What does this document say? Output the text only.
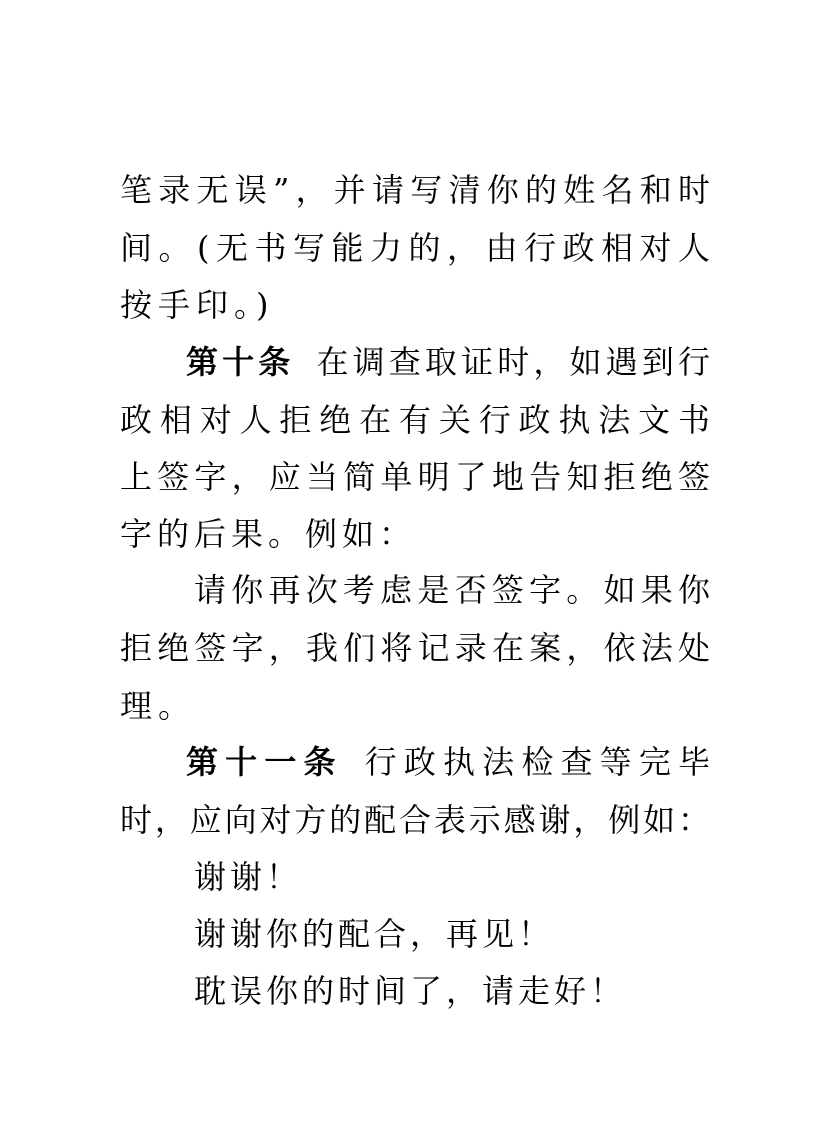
笔录无误”，并请写清你的姓名和时
间。(无书写能力的，由行政相对人
按手印。)
第十条 在调查取证时，如遇到行
政相对人拒绝在有关行政执法文书
上签字，应当简单明了地告知拒绝签
字的后果。例如：
请你再次考虑是否签字。如果你
拒绝签字，我们将记录在案，依法处
理。
第十一条 行政执法检查等完毕
时，应向对方的配合表示感谢，例如：
谢谢！
谢谢你的配合，再见！
耽误你的时间了，请走好！
